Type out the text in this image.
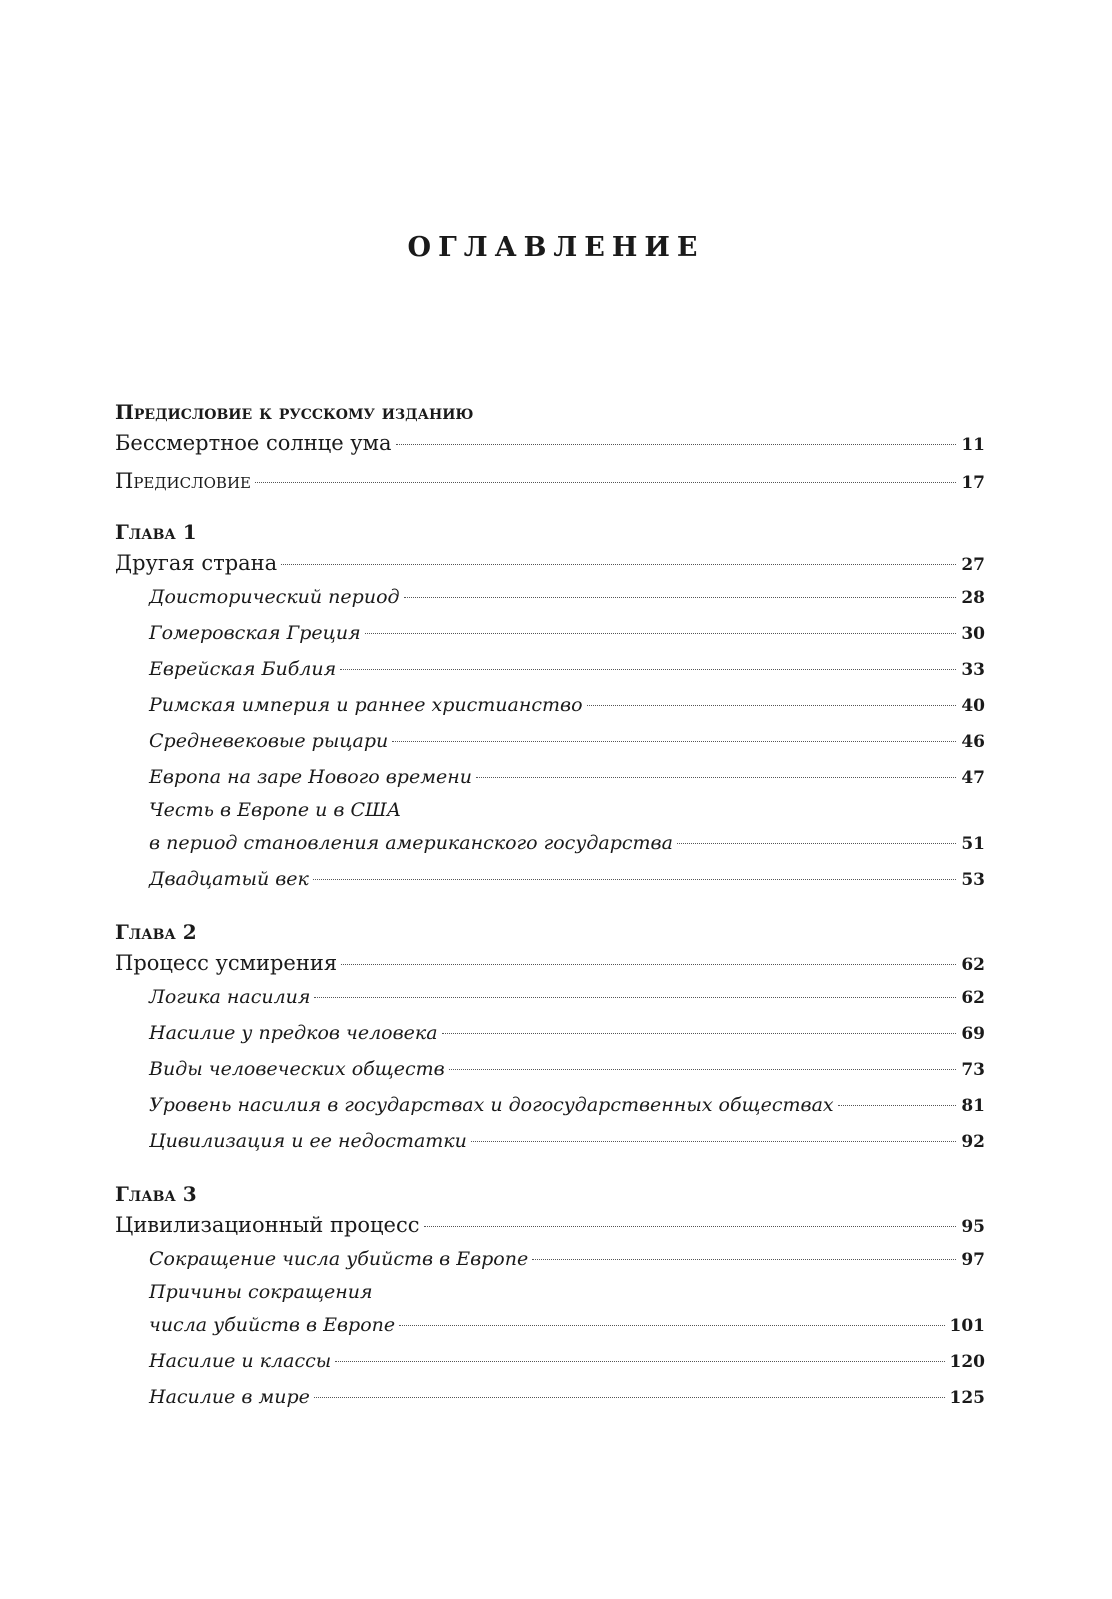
ОГЛАВЛЕНИЕ
Предисловие к русскому изданию
Бессмертное солнце ума	11
Предисловие	17
Глава 1
Другая страна	27
Доисторический период	28
Гомеровская Греция	30
Еврейская Библия	33
Римская империя и раннее христианство	40
Средневековые рыцари	46
Европа на заре Нового времени	47
Честь в Европе и в США
в период становления американского государства	51
Двадцатый век	53
Глава 2
Процесс усмирения	62
Логика насилия	62
Насилие у предков человека	69
Виды человеческих обществ	73
Уровень насилия в государствах и догосударственных обществах	81
Цивилизация и ее недостатки	92
Глава 3
Цивилизационный процесс	95
Сокращение числа убийств в Европе	97
Причины сокращения
числа убийств в Европе	101
Насилие и классы	120
Насилие в мире	125
